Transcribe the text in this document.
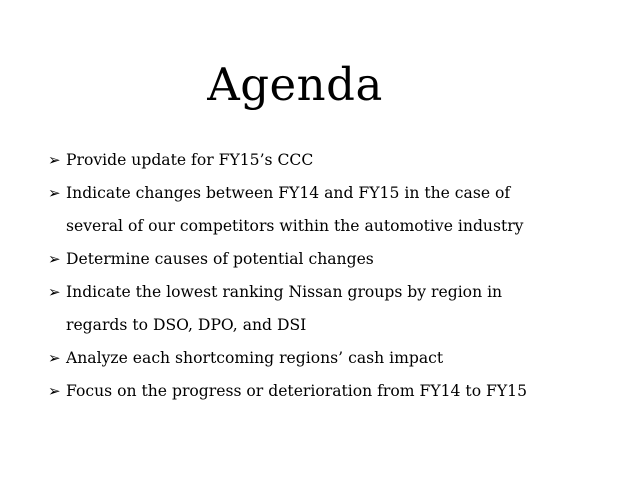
Agenda
➢ Provide update for FY15’s CCC
➢ Indicate changes between FY14 and FY15 in the case of
several of our competitors within the automotive industry
➢ Determine causes of potential changes
➢ Indicate the lowest ranking Nissan groups by region in
regards to DSO, DPO, and DSI
➢ Analyze each shortcoming regions’ cash impact
➢ Focus on the progress or deterioration from FY14 to FY15
